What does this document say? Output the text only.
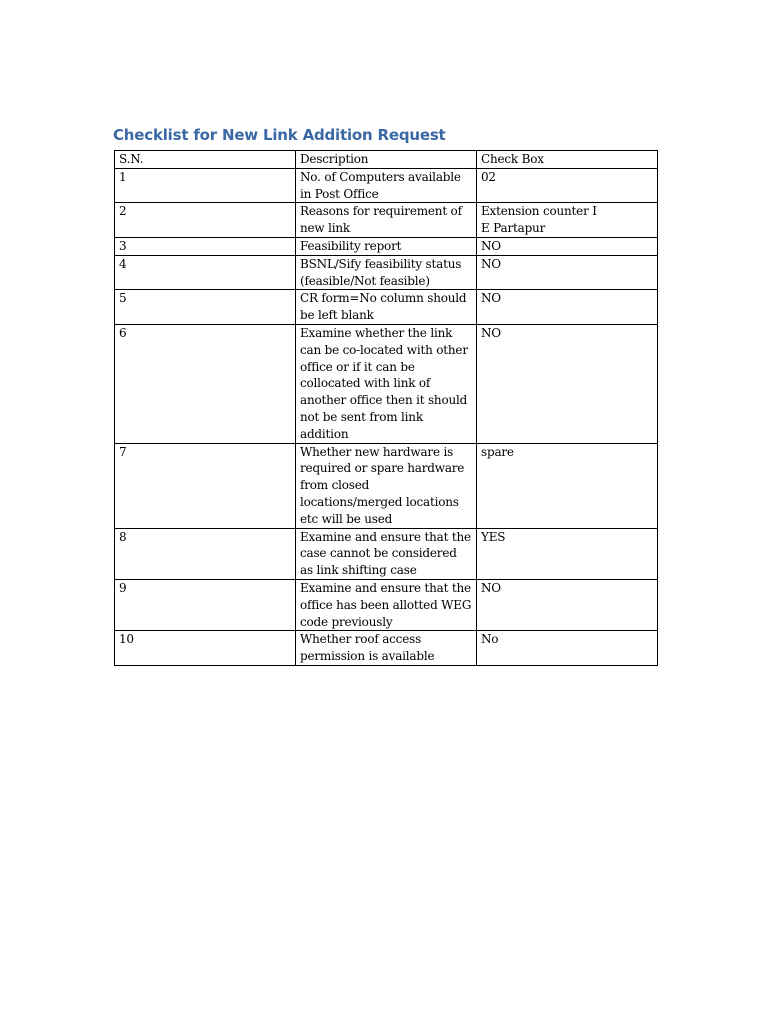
Checklist for New Link Addition Request
S.N.	Description	Check Box
1	No. of Computers available in Post Office	02
2	Reasons for requirement of new link	Extension counter I E Partapur

3	Feasibility report	NO
4	BSNL/Sify feasibility status (feasible/Not feasible)	NO
5	CR form=No column should be left blank	NO
6	Examine whether the link can be co-located with other office or if it can be collocated with link of another office then it should not be sent from link addition	NO
7	Whether new hardware is required or spare hardware from closed locations/merged locations etc will be used	spare
8	Examine and ensure that the case cannot be considered as link shifting case	YES
9	Examine and ensure that the office has been allotted WEG code previously	NO
10	Whether roof access permission is available	No
